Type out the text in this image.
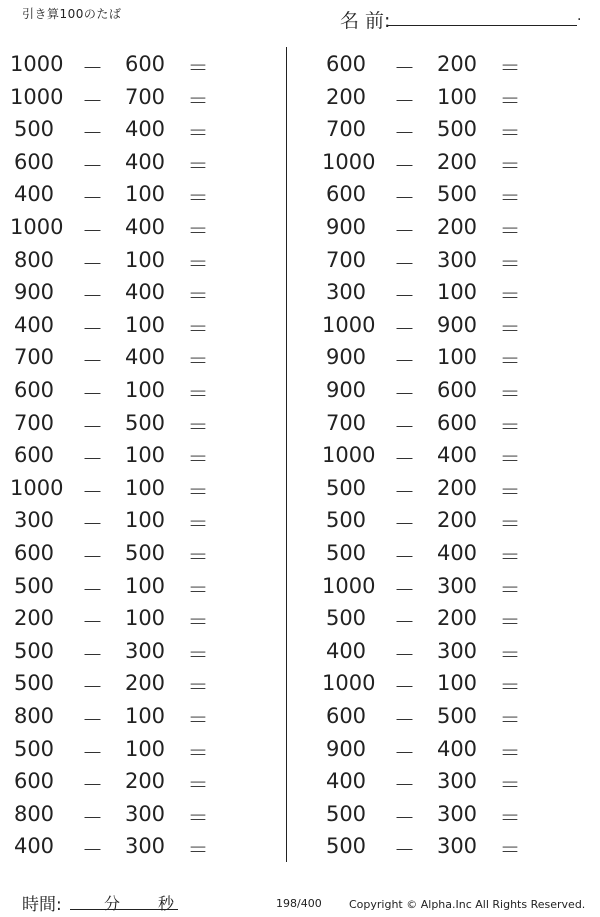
引き算100のたば	名 前:	.
1000 － 600 ＝
1000 － 700 ＝
500 － 400 ＝
600 － 400 ＝
400 － 100 ＝
1000 － 400 ＝
800 － 100 ＝
900 － 400 ＝
400 － 100 ＝
700 － 400 ＝
600 － 100 ＝
700 － 500 ＝
600 － 100 ＝
1000 － 100 ＝
300 － 100 ＝
600 － 500 ＝
500 － 100 ＝
200 － 100 ＝
500 － 300 ＝
500 － 200 ＝
800 － 100 ＝
500 － 100 ＝
600 － 200 ＝
800 － 300 ＝
400 － 300 ＝
600 － 200 ＝
200 － 100 ＝
700 － 500 ＝
1000 － 200 ＝
600 － 500 ＝
900 － 200 ＝
700 － 300 ＝
300 － 100 ＝
1000 － 900 ＝
900 － 100 ＝
900 － 600 ＝
700 － 600 ＝
1000 － 400 ＝
500 － 200 ＝
500 － 200 ＝
500 － 400 ＝
1000 － 300 ＝
500 － 200 ＝
400 － 300 ＝
1000 － 100 ＝
600 － 500 ＝
900 － 400 ＝
400 － 300 ＝
500 － 300 ＝
500 － 300 ＝
時間:	分 秒	198/400 Copyright © Alpha.Inc All Rights Reserved.
